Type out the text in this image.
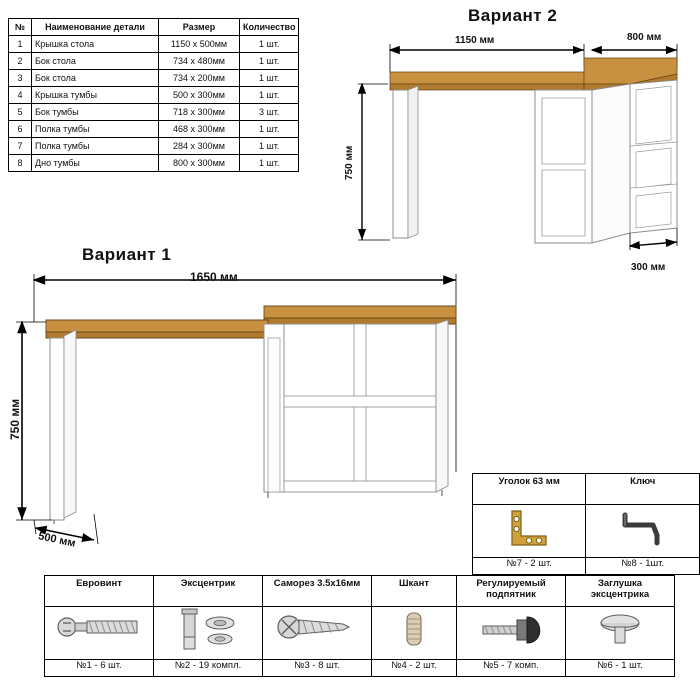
№	Наименование детали	Размер	Количество
1	Крышка стола	1150 x 500мм	1 шт.
2	Бок стола	734 x 480мм	1 шт.
3	Бок стола	734 x 200мм	1 шт.
4	Крышка тумбы	500 x 300мм	1 шт.
5	Бок тумбы	718 x 300мм	3 шт.
6	Полка тумбы	468 x 300мм	1 шт.
7	Полка тумбы	284 x 300мм	1 шт.
8	Дно тумбы	800 x 300мм	1 шт.
Вариант 2
1150 мм	800 мм
750 мм
300 мм
Вариант 1
1650 мм
750 мм
500 мм
Уголок 63 мм	Ключ

№7 - 2 шт.	№8 - 1шт.
Евровинт	Эксцентрик	Саморез 3.5x16мм	Шкант	Регулируемый подпятник	Заглушка эксцентрика

№1 - 6 шт.	№2 - 19 компл.	№3 - 8 шт.	№4 - 2 шт.	№5 - 7 комп.	№6 - 1 шт.
